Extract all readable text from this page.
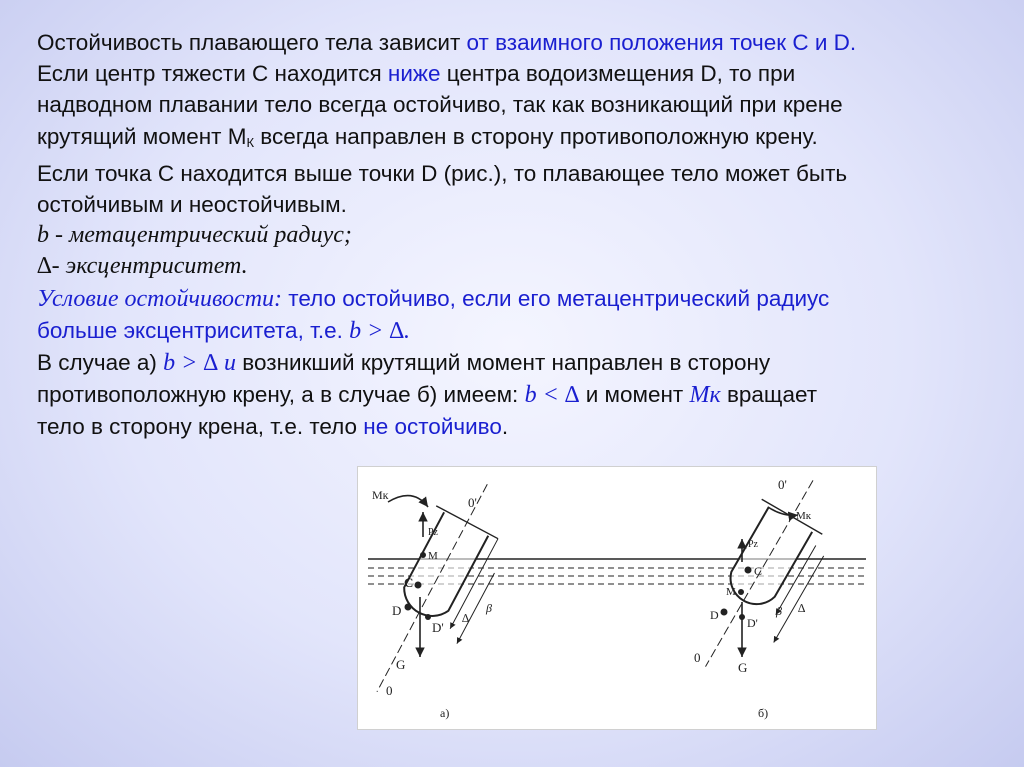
Остойчивость плавающего тела зависит от взаимного положения точек С и D.
Если центр тяжести С находится ниже центра водоизмещения D, то при
надводном плавании тело всегда остойчиво, так как возникающий при крене
крутящий момент $М_К$ всегда направлен в сторону противоположную крену.
Если точка С находится выше точки D (рис.), то плавающее тело может быть
остойчивым и неостойчивым.
b - метацентрический радиус;
∆- эксцентриситет.
Условие остойчивости: тело остойчиво, если его метацентрический радиус
больше эксцентриситета, т.е. b > ∆.
В случае а) b > ∆ и возникший крутящий момент направлен в сторону
противоположную крену, а в случае б) имеем: b < ∆ и момент Мк вращает
тело в сторону крена, т.е. тело не остойчиво.
Мк	0'
Pz
M
C
D
D'
∆
β
G
0
а)
0'
Мк
Pz
C
M
D
D'
∆
β
0
G
б)
